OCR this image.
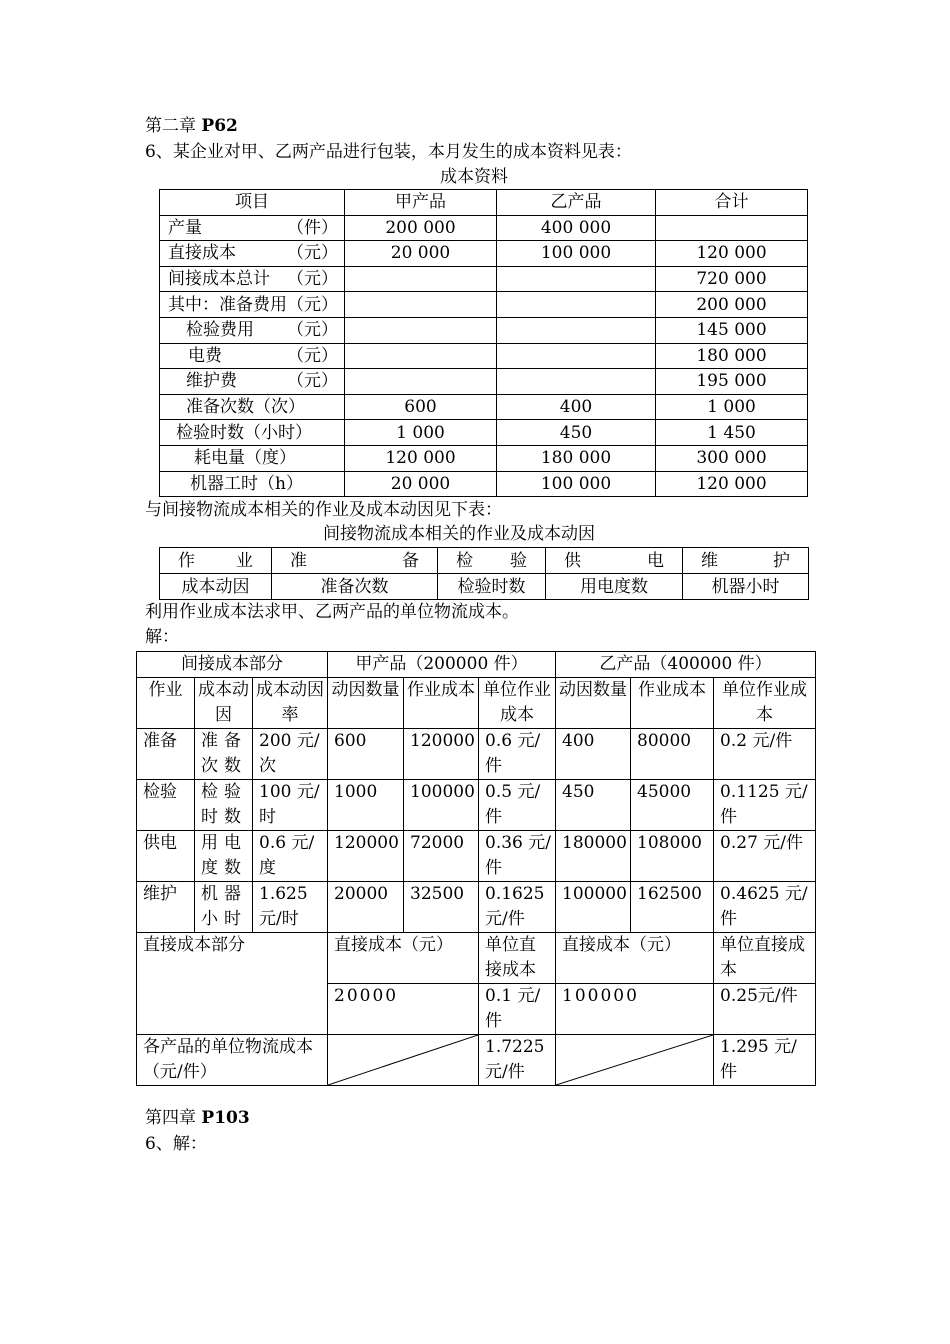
第二章 P62
6、某企业对甲、乙两产品进行包装，本月发生的成本资料见表：
成本资料
项目	甲产品	乙产品	合计

产量 （件）	200 000	400 000	

直接成本 （元）	20 000	100 000	120 000

间接成本总计 （元）			720 000

其中：准备费用 （元）			200 000

检验费用 （元）			145 000

电费 （元）			180 000

维护费 （元）			195 000

准备次数（次）	600	400	1 000

检验时数（小时）	1 000	450	1 450

耗电量（度）	120 000	180 000	300 000

机器工时（h）	20 000	100 000	120 000
与间接物流成本相关的作业及成本动因见下表：
间接物流成本相关的作业及成本动因
作 业	准 备	检 验	供 电	维 护

成本动因	准备次数	检验时数	用电度数	机器小时
利用作业成本法求甲、乙两产品的单位物流成本。
解：
间接成本部分			甲产品（200000 件）			乙产品（400000 件）		
作业	成本动因	成本动因率	动因数量	作业成本	单位作业成本	动因数量	作业成本	单位作业成本
准备	准备次数	200 元/次	600	120000	0.6 元/件	400	80000	0.2 元/件
检验	检验时数	100 元/时	1000	100000	0.5 元/件	450	45000	0.1125 元/件
供电	用电度数	0.6 元/度	120000	72000	0.36 元/件	180000	108000	0.27 元/件
维护	机器小时	1.625 元/时	20000	32500	0.1625 元/件	100000	162500	0.4625 元/件
直接成本部分			直接成本（元）		单位直接成本	直接成本（元）		单位直接成本
			20000		0.1 元/件	100000		0.25元/件
各产品的单位物流成本（元/件）					1.7225 元/件			1.295 元/件
第四章 P103
6、解：
